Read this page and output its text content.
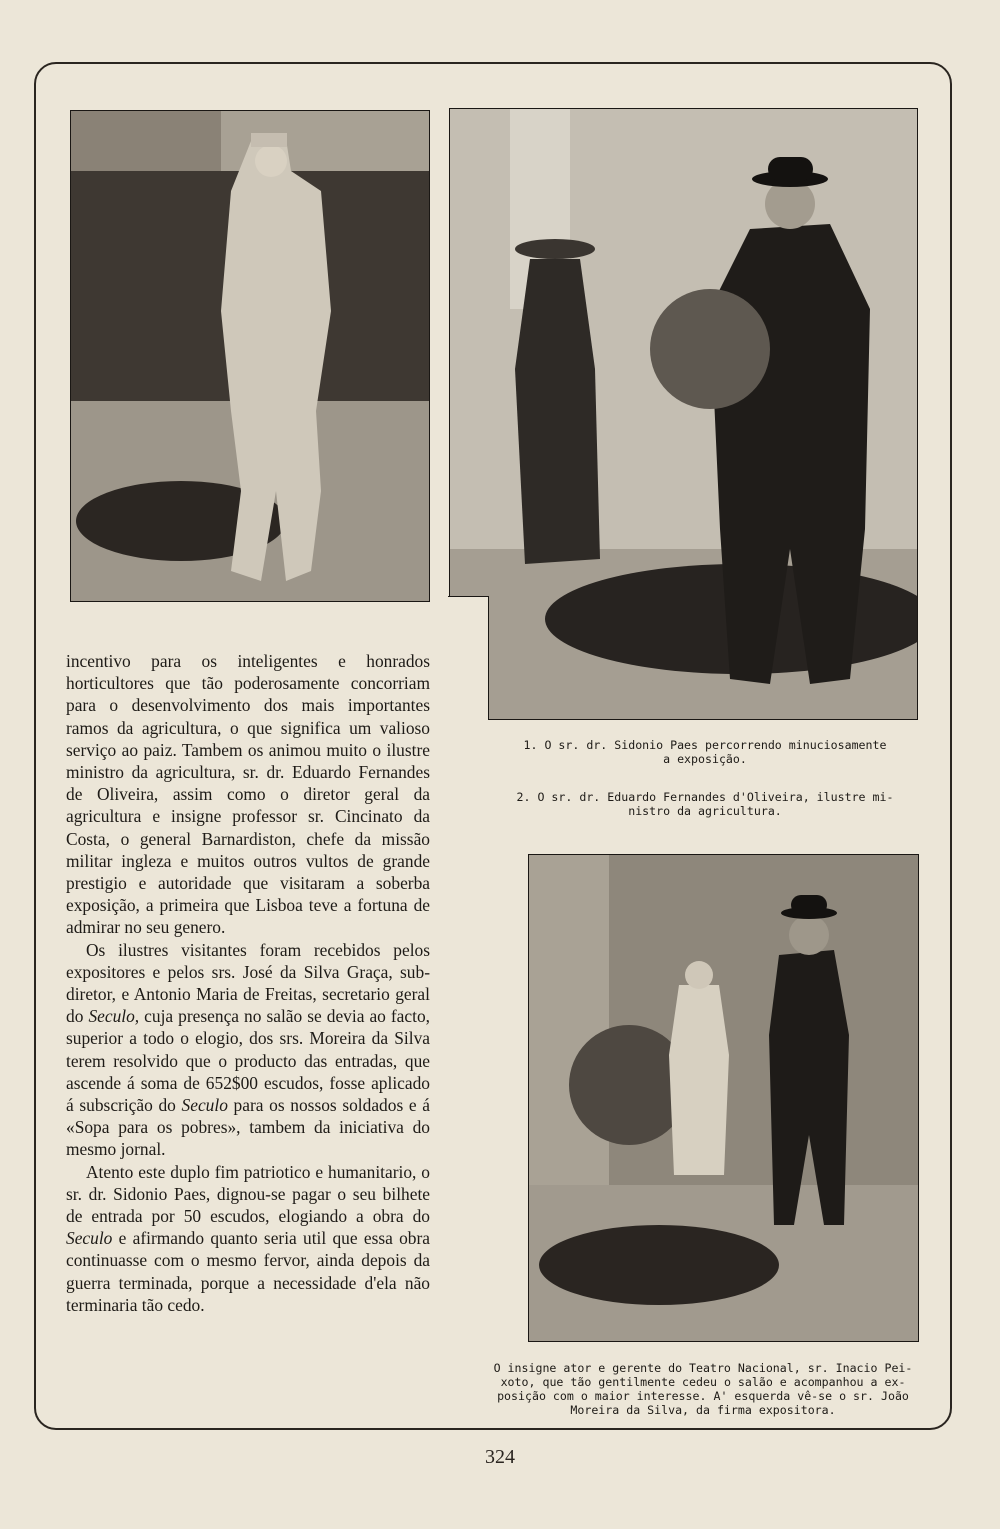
1. O sr. dr. Sidonio Paes percorrendo minuciosamente
a exposição.
2. O sr. dr. Eduardo Fernandes d'Oliveira, ilustre mi-
nistro da agricultura.
O insigne ator e gerente do Teatro Nacional, sr. Inacio Pei-
xoto, que tão gentilmente cedeu o salão e acompanhou a ex-
posição com o maior interesse. A' esquerda vê-se o sr. João
Moreira da Silva, da firma expositora.

incentivo para os inteligentes e honrados horticultores que tão poderosamente concorriam para o desenvolvimento dos mais importantes ramos da agricultura, o que significa um valioso serviço ao paiz. Tambem os animou muito o ilustre ministro da agricultura, sr. dr. Eduardo Fernandes de Oliveira, assim como o diretor geral da agricultura e insigne professor sr. Cincinato da Costa, o general Barnardiston, chefe da missão militar ingleza e muitos outros vultos de grande prestigio e autoridade que visitaram a soberba exposição, a primeira que Lisboa teve a fortuna de admirar no seu genero.

Os ilustres visitantes foram recebidos pelos expositores e pelos srs. José da Silva Graça, sub-diretor, e Antonio Maria de Freitas, secretario geral do Seculo, cuja presença no salão se devia ao facto, superior a todo o elogio, dos srs. Moreira da Silva terem resolvido que o producto das entradas, que ascende á soma de 652$00 escudos, fosse aplicado á subscrição do Seculo para os nossos soldados e á «Sopa para os pobres», tambem da iniciativa do mesmo jornal.

Atento este duplo fim patriotico e humanitario, o sr. dr. Sidonio Paes, dignou-se pagar o seu bilhete de entrada por 50 escudos, elogiando a obra do Seculo e afirmando quanto seria util que essa obra continuasse com o mesmo fervor, ainda depois da guerra terminada, porque a necessidade d'ela não terminaria tão cedo.

324
